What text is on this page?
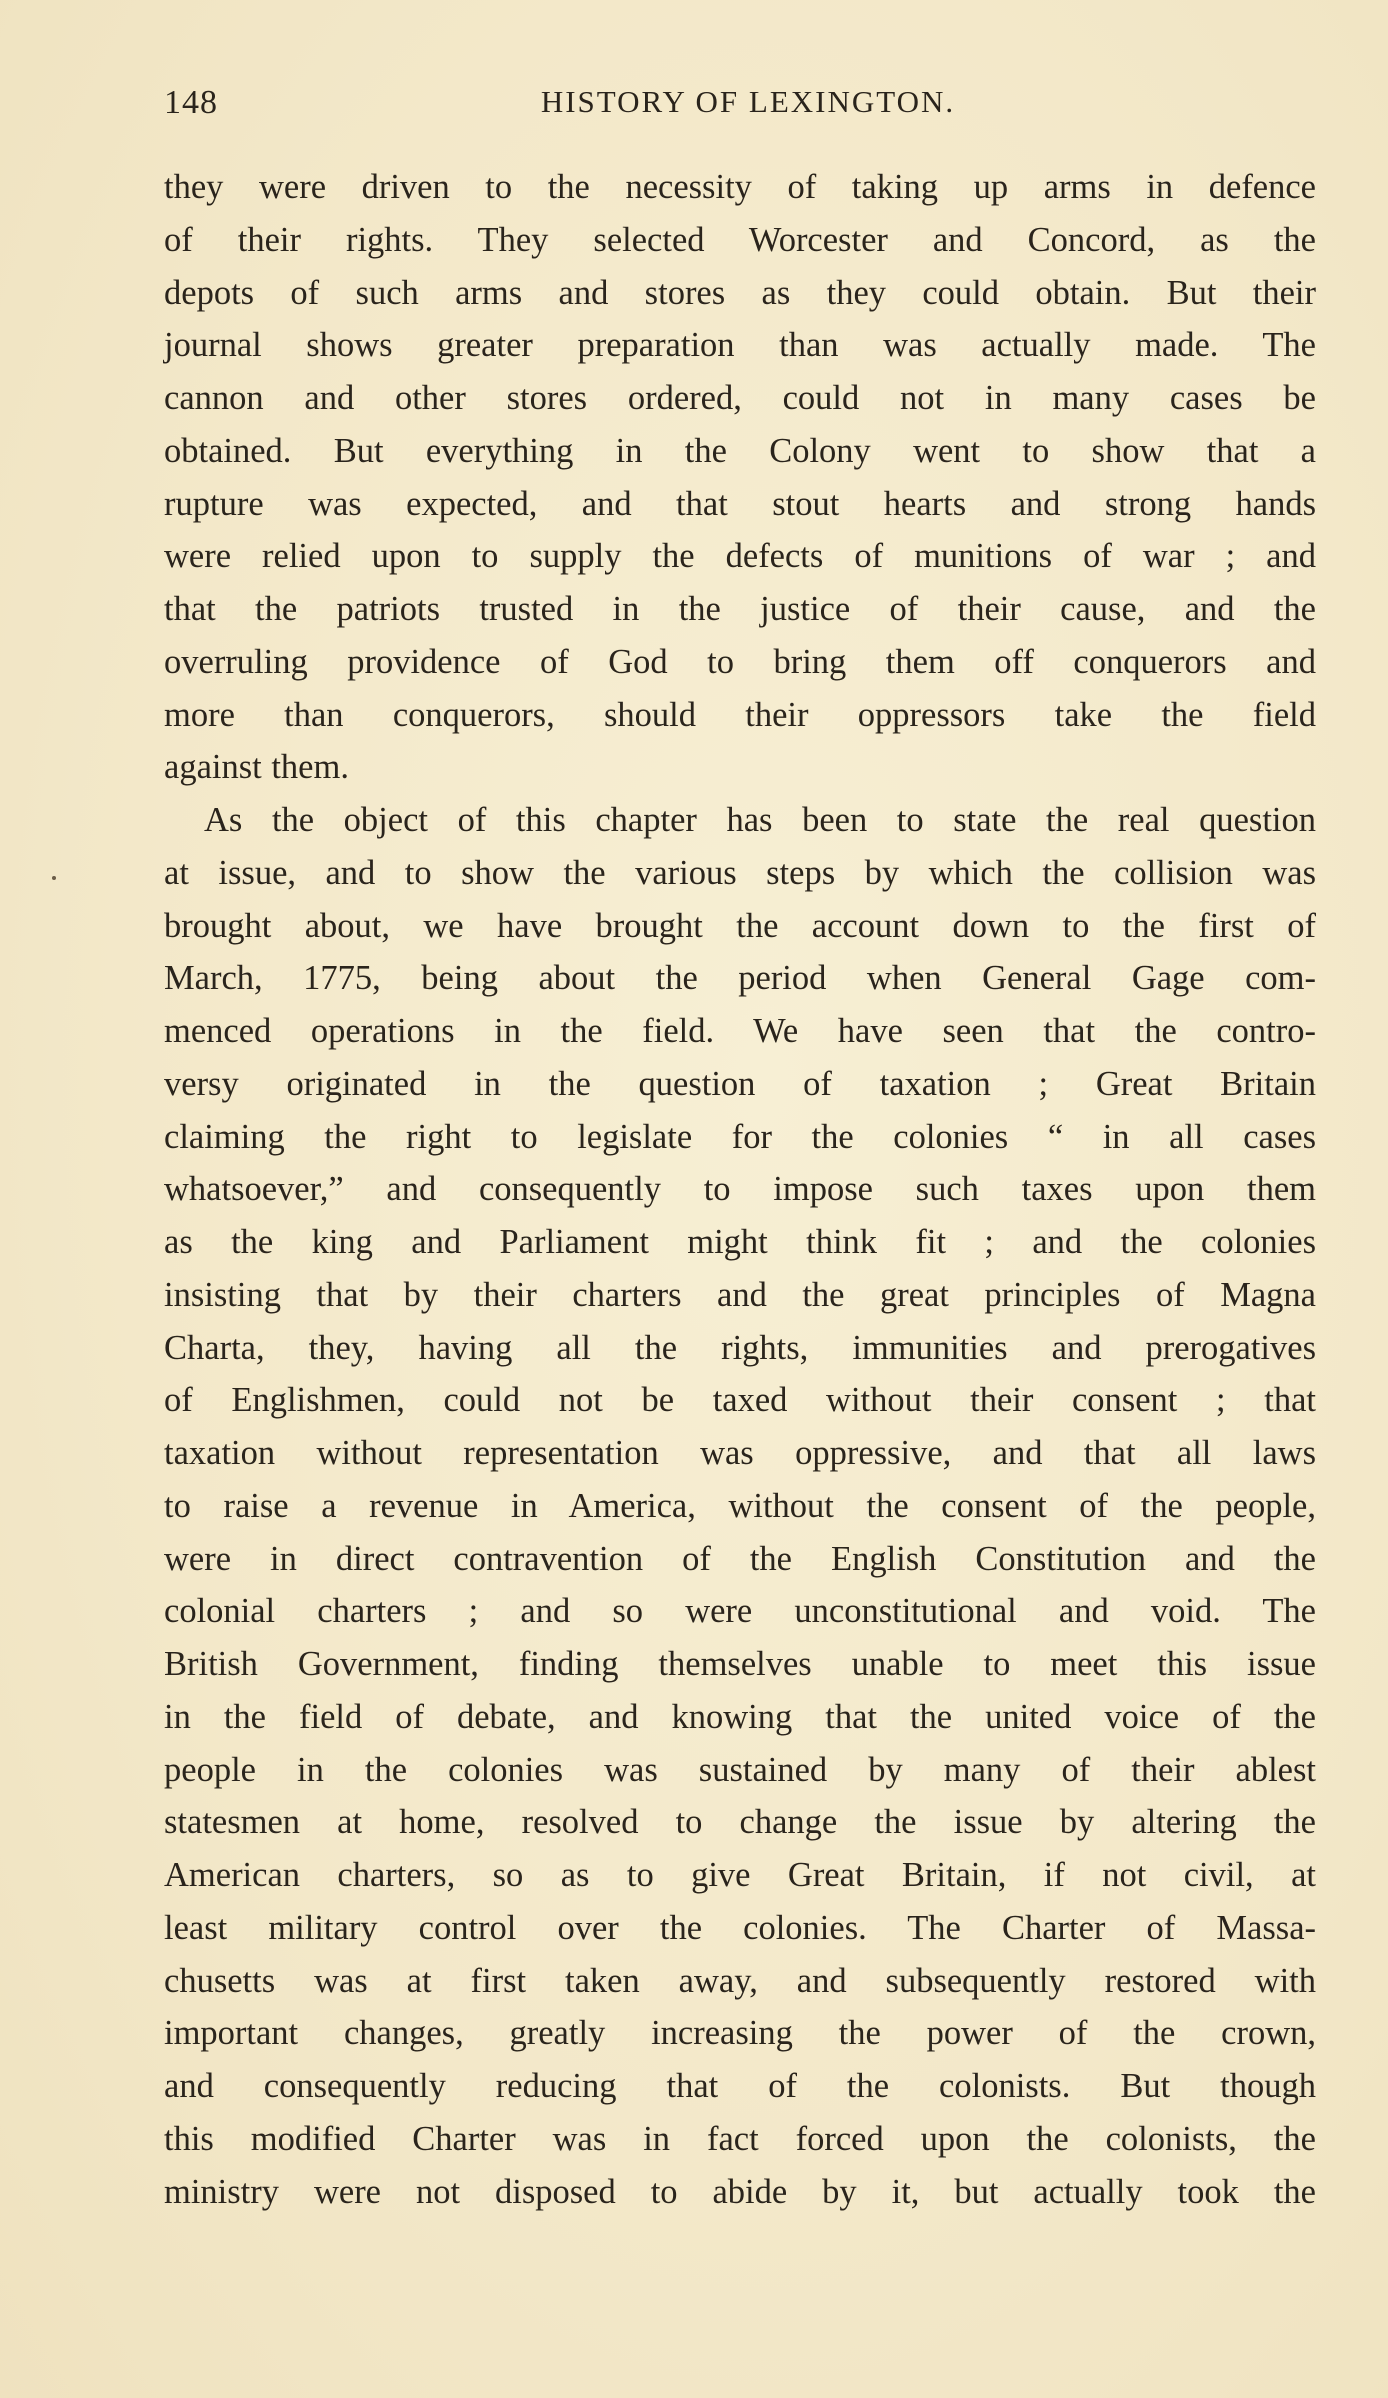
148	HISTORY OF LEXINGTON.
they were driven to the necessity of taking up arms in defence
of their rights. They selected Worcester and Concord, as the
depots of such arms and stores as they could obtain. But their
journal shows greater preparation than was actually made. The
cannon and other stores ordered, could not in many cases be
obtained. But everything in the Colony went to show that a
rupture was expected, and that stout hearts and strong hands
were relied upon to supply the defects of munitions of war ; and
that the patriots trusted in the justice of their cause, and the
overruling providence of God to bring them off conquerors and
more than conquerors, should their oppressors take the field
against them.
As the object of this chapter has been to state the real question
at issue, and to show the various steps by which the collision was
brought about, we have brought the account down to the first of
March, 1775, being about the period when General Gage com-
menced operations in the field. We have seen that the contro-
versy originated in the question of taxation ; Great Britain
claiming the right to legislate for the colonies “ in all cases
whatsoever,” and consequently to impose such taxes upon them
as the king and Parliament might think fit ; and the colonies
insisting that by their charters and the great principles of Magna
Charta, they, having all the rights, immunities and prerogatives
of Englishmen, could not be taxed without their consent ; that
taxation without representation was oppressive, and that all laws
to raise a revenue in America, without the consent of the people,
were in direct contravention of the English Constitution and the
colonial charters ; and so were unconstitutional and void. The
British Government, finding themselves unable to meet this issue
in the field of debate, and knowing that the united voice of the
people in the colonies was sustained by many of their ablest
statesmen at home, resolved to change the issue by altering the
American charters, so as to give Great Britain, if not civil, at
least military control over the colonies. The Charter of Massa-
chusetts was at first taken away, and subsequently restored with
important changes, greatly increasing the power of the crown,
and consequently reducing that of the colonists. But though
this modified Charter was in fact forced upon the colonists, the
ministry were not disposed to abide by it, but actually took the
